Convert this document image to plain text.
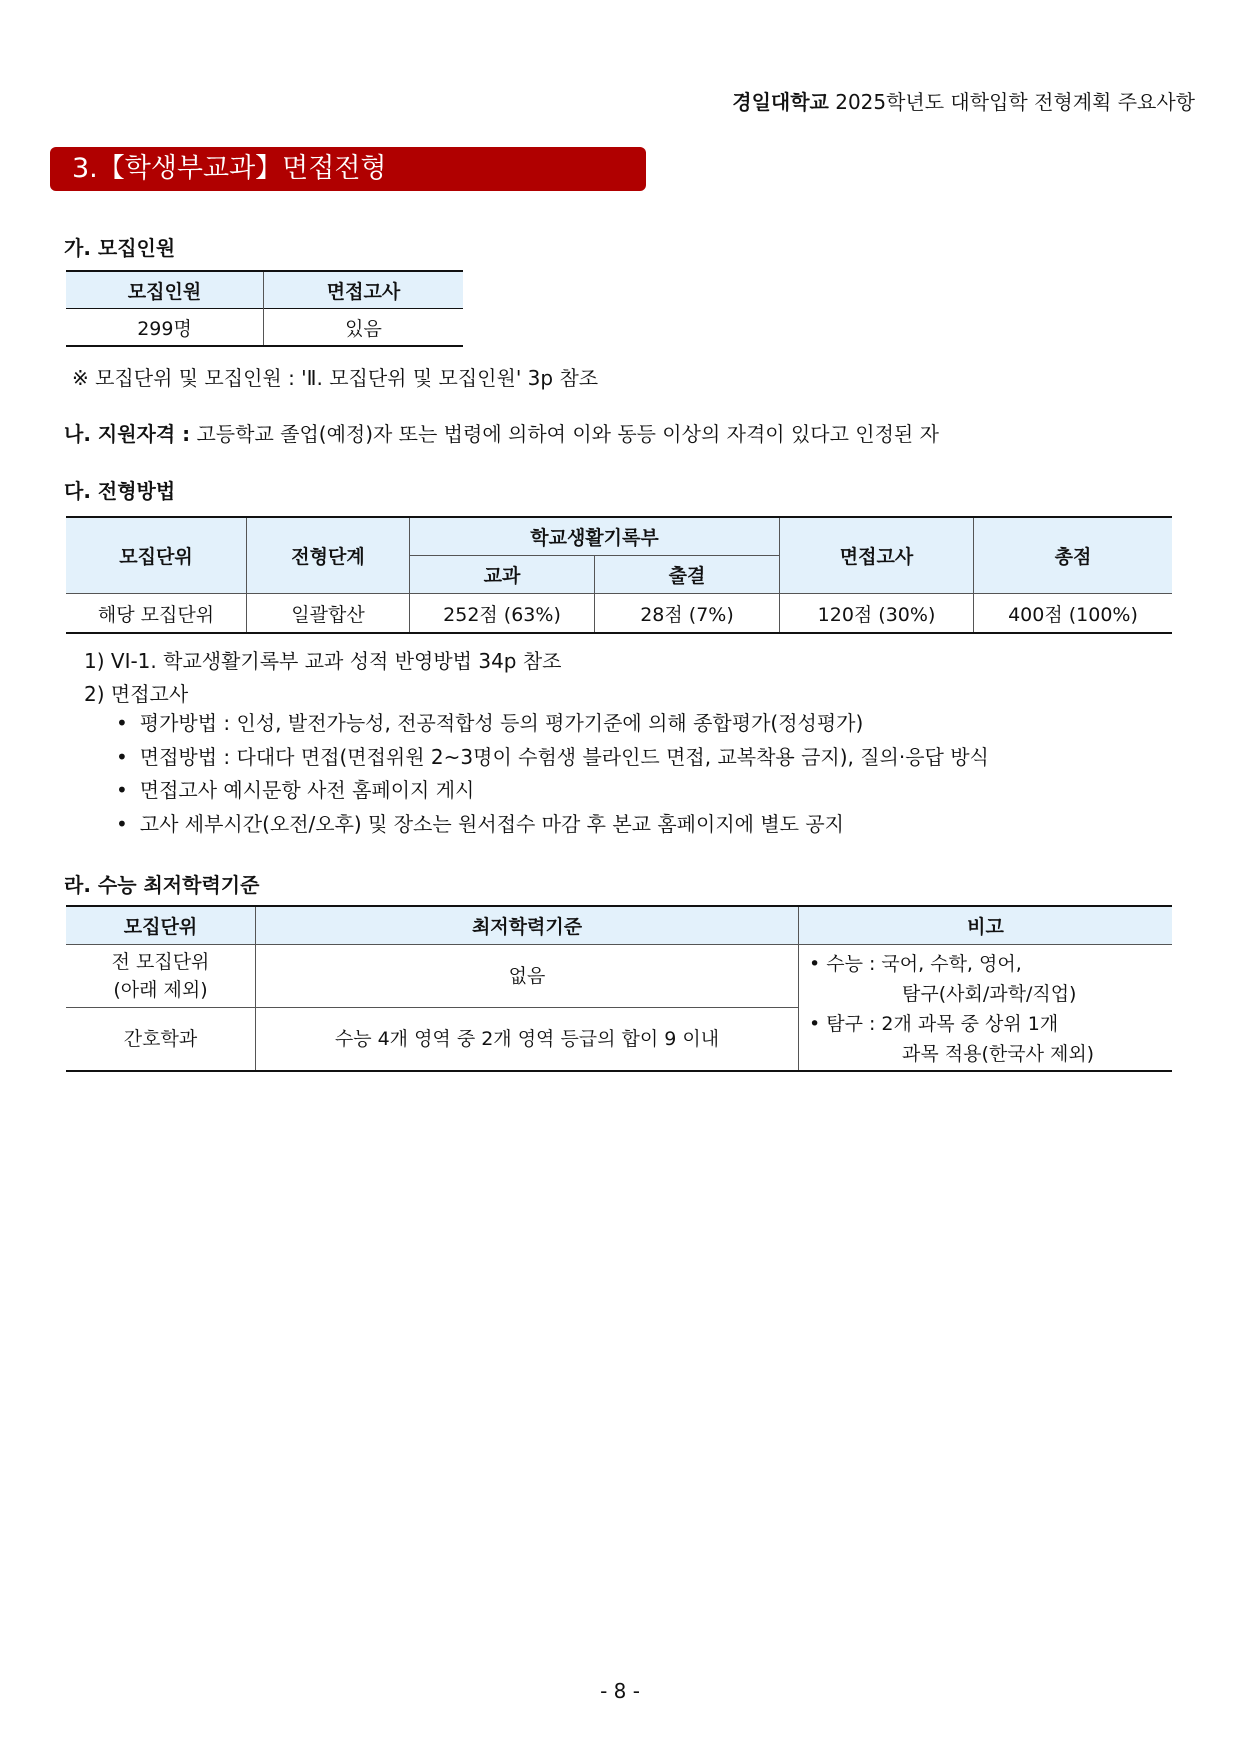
경일대학교 2025학년도 대학입학 전형계획 주요사항
3.【학생부교과】면접전형
가. 모집인원
모집인원	면접고사
299명	있음
※ 모집단위 및 모집인원 : 'Ⅱ. 모집단위 및 모집인원' 3p 참조
나. 지원자격 : 고등학교 졸업(예정)자 또는 법령에 의하여 이와 동등 이상의 자격이 있다고 인정된 자
다. 전형방법
모집단위	전형단계	학교생활기록부		면접고사	총점
		교과	출결		
해당 모집단위	일괄합산	252점 (63%)	28점 (7%)	120점 (30%)	400점 (100%)
1) VI-1. 학교생활기록부 교과 성적 반영방법 34p 참조
2) 면접고사
• 평가방법 : 인성, 발전가능성, 전공적합성 등의 평가기준에 의해 종합평가(정성평가)
• 면접방법 : 다대다 면접(면접위원 2~3명이 수험생 블라인드 면접, 교복착용 금지), 질의·응답 방식
• 면접고사 예시문항 사전 홈페이지 게시
• 고사 세부시간(오전/오후) 및 장소는 원서접수 마감 후 본교 홈페이지에 별도 공지
라. 수능 최저학력기준
모집단위	최저학력기준	비고

전 모집단위
(아래 제외)	없음	• 수능 : 국어, 수학, 영어,
탐구(사회/과학/직업)
• 탐구 : 2개 과목 중 상위 1개
과목 적용(한국사 제외)

간호학과	수능 4개 영역 중 2개 영역 등급의 합이 9 이내	
- 8 -
